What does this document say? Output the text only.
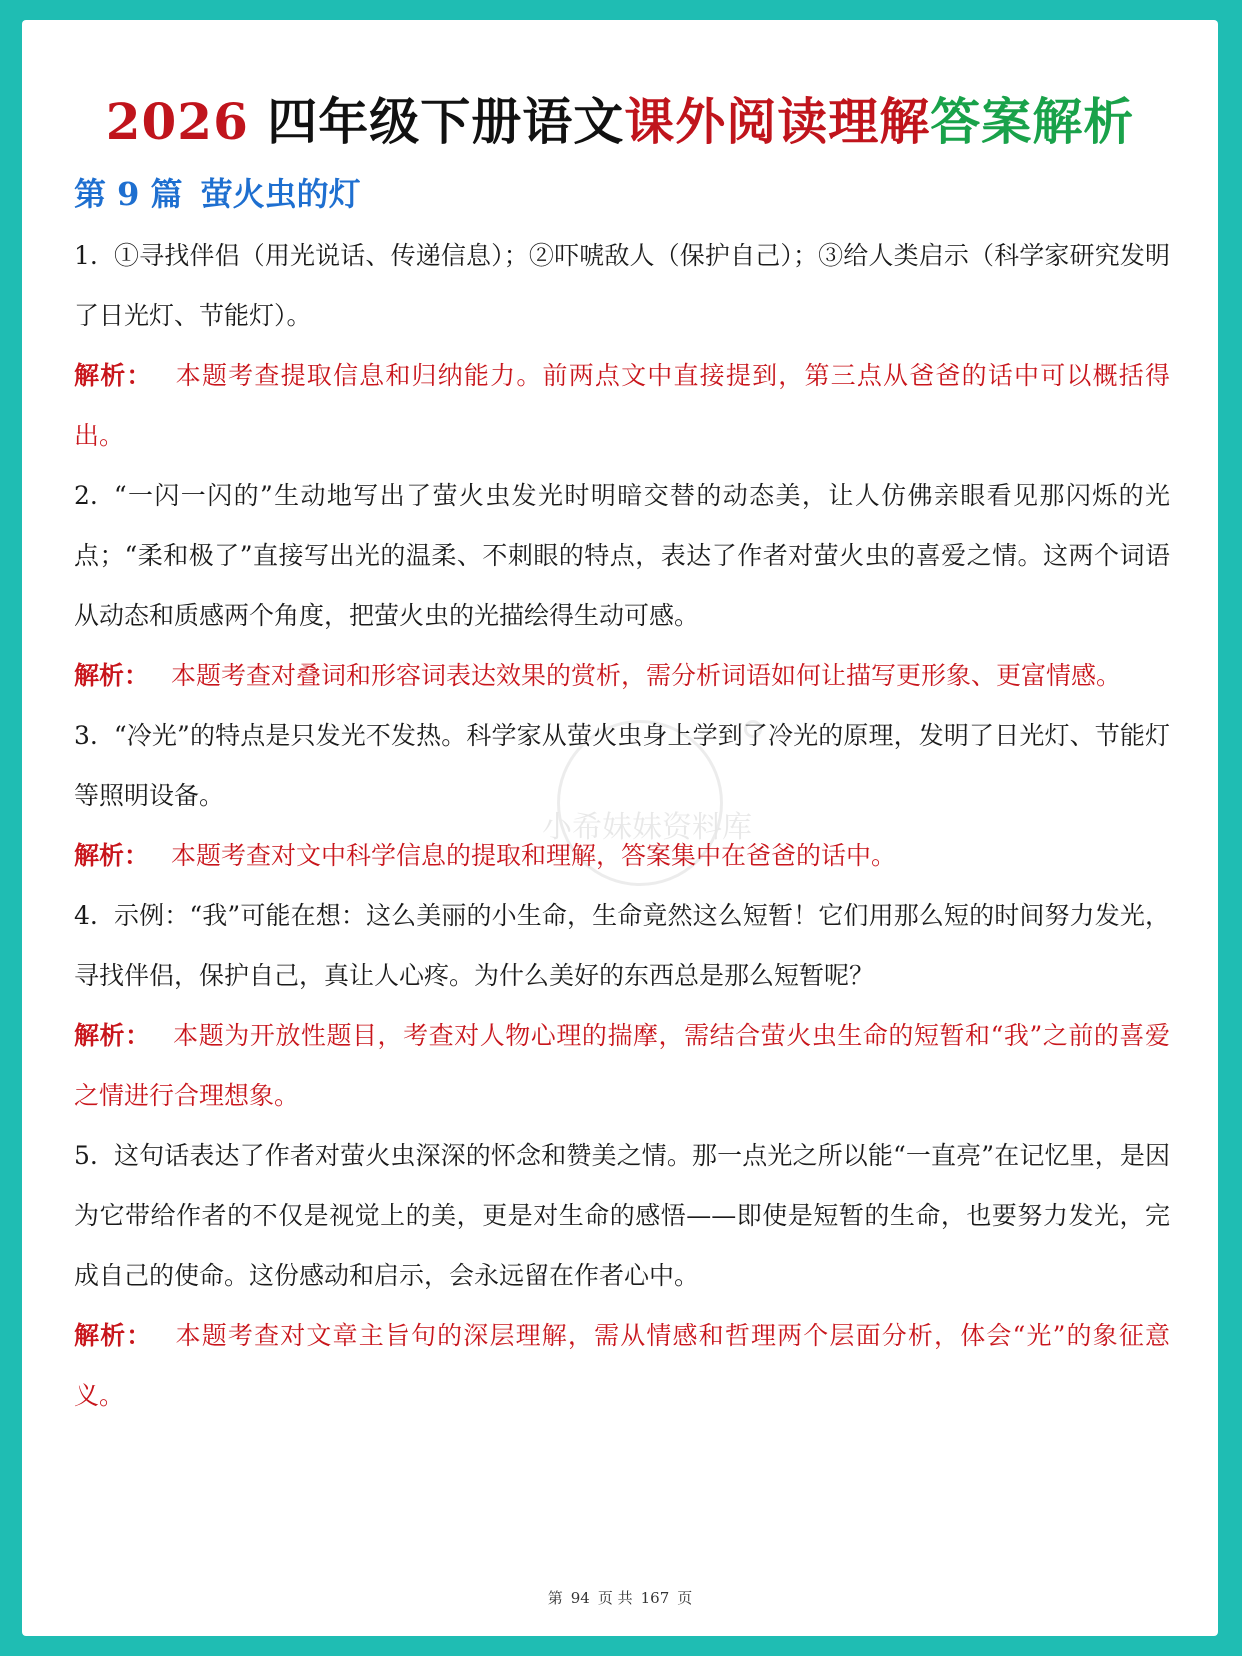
2026 四年级下册语文课外阅读理解答案解析
第 9 篇 萤火虫的灯
小希妹妹资料库

1. ①寻找伴侣（用光说话、传递信息）；②吓唬敌人（保护自己）；③给人类启示（科学家研究发明了日光灯、节能灯）。

解析： 本题考查提取信息和归纳能力。前两点文中直接提到，第三点从爸爸的话中可以概括得出。

2. “一闪一闪的”生动地写出了萤火虫发光时明暗交替的动态美，让人仿佛亲眼看见那闪烁的光点；“柔和极了”直接写出光的温柔、不刺眼的特点，表达了作者对萤火虫的喜爱之情。这两个词语从动态和质感两个角度，把萤火虫的光描绘得生动可感。

解析： 本题考查对叠词和形容词表达效果的赏析，需分析词语如何让描写更形象、更富情感。

3. “冷光”的特点是只发光不发热。科学家从萤火虫身上学到了冷光的原理，发明了日光灯、节能灯等照明设备。

解析： 本题考查对文中科学信息的提取和理解，答案集中在爸爸的话中。

4. 示例：“我”可能在想：这么美丽的小生命，生命竟然这么短暂！它们用那么短的时间努力发光，寻找伴侣，保护自己，真让人心疼。为什么美好的东西总是那么短暂呢？

解析： 本题为开放性题目，考查对人物心理的揣摩，需结合萤火虫生命的短暂和“我”之前的喜爱之情进行合理想象。

5. 这句话表达了作者对萤火虫深深的怀念和赞美之情。那一点光之所以能“一直亮”在记忆里，是因为它带给作者的不仅是视觉上的美，更是对生命的感悟——即使是短暂的生命，也要努力发光，完成自己的使命。这份感动和启示，会永远留在作者心中。

解析： 本题考查对文章主旨句的深层理解，需从情感和哲理两个层面分析，体会“光”的象征意义。

第 94 页 共 167 页
